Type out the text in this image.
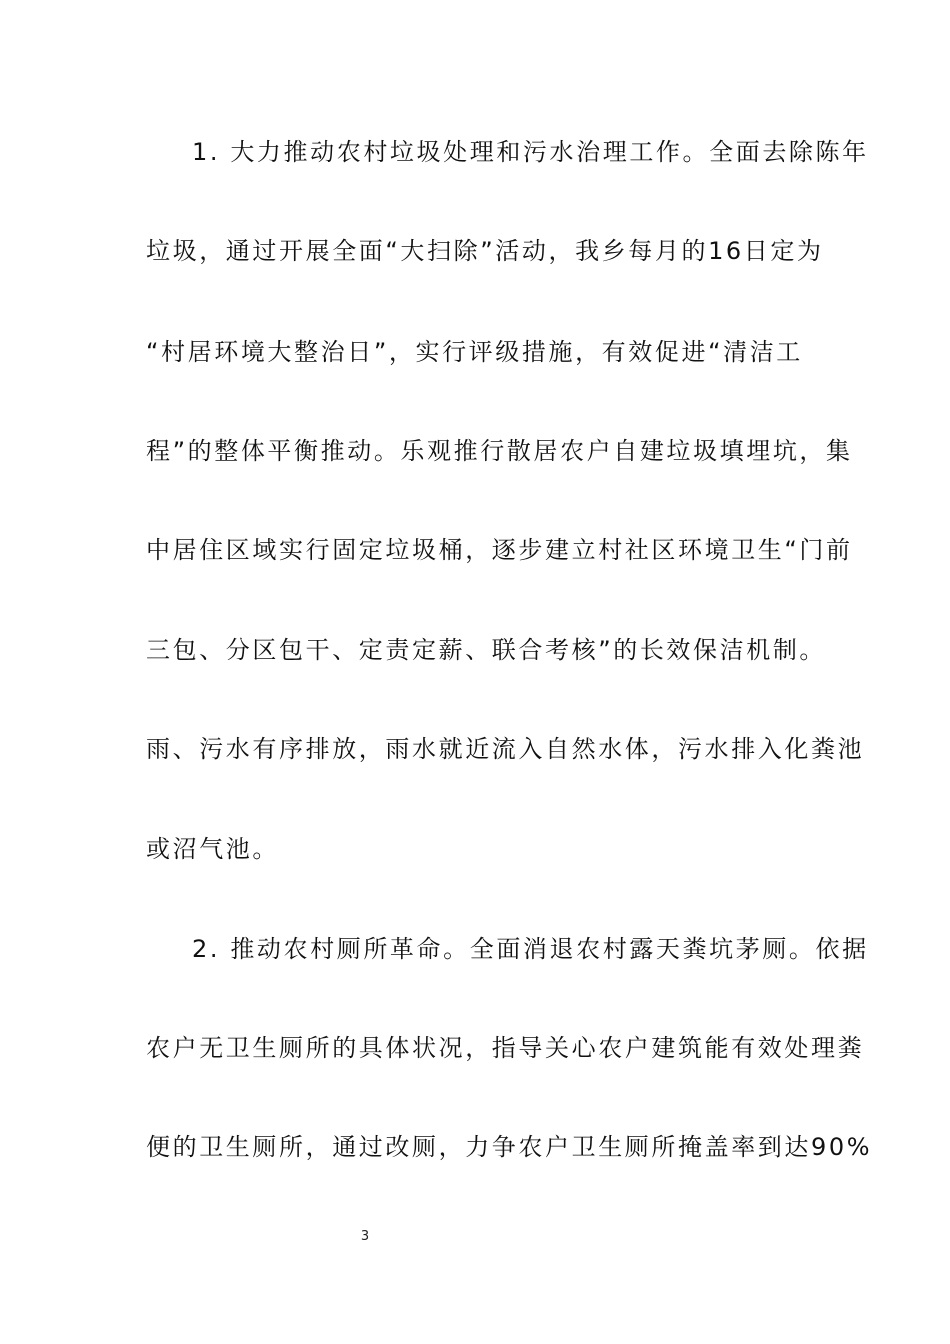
1. 大力推动农村垃圾处理和污水治理工作。全面去除陈年
垃圾，通过开展全面“大扫除”活动，我乡每月的16日定为
“村居环境大整治日”，实行评级措施，有效促进“清洁工
程”的整体平衡推动。乐观推行散居农户自建垃圾填埋坑，集
中居住区域实行固定垃圾桶，逐步建立村社区环境卫生“门前
三包、分区包干、定责定薪、联合考核”的长效保洁机制。
雨、污水有序排放，雨水就近流入自然水体，污水排入化粪池
或沼气池。
2. 推动农村厕所革命。全面消退农村露天粪坑茅厕。依据
农户无卫生厕所的具体状况，指导关心农户建筑能有效处理粪
便的卫生厕所，通过改厕，力争农户卫生厕所掩盖率到达90%
3
